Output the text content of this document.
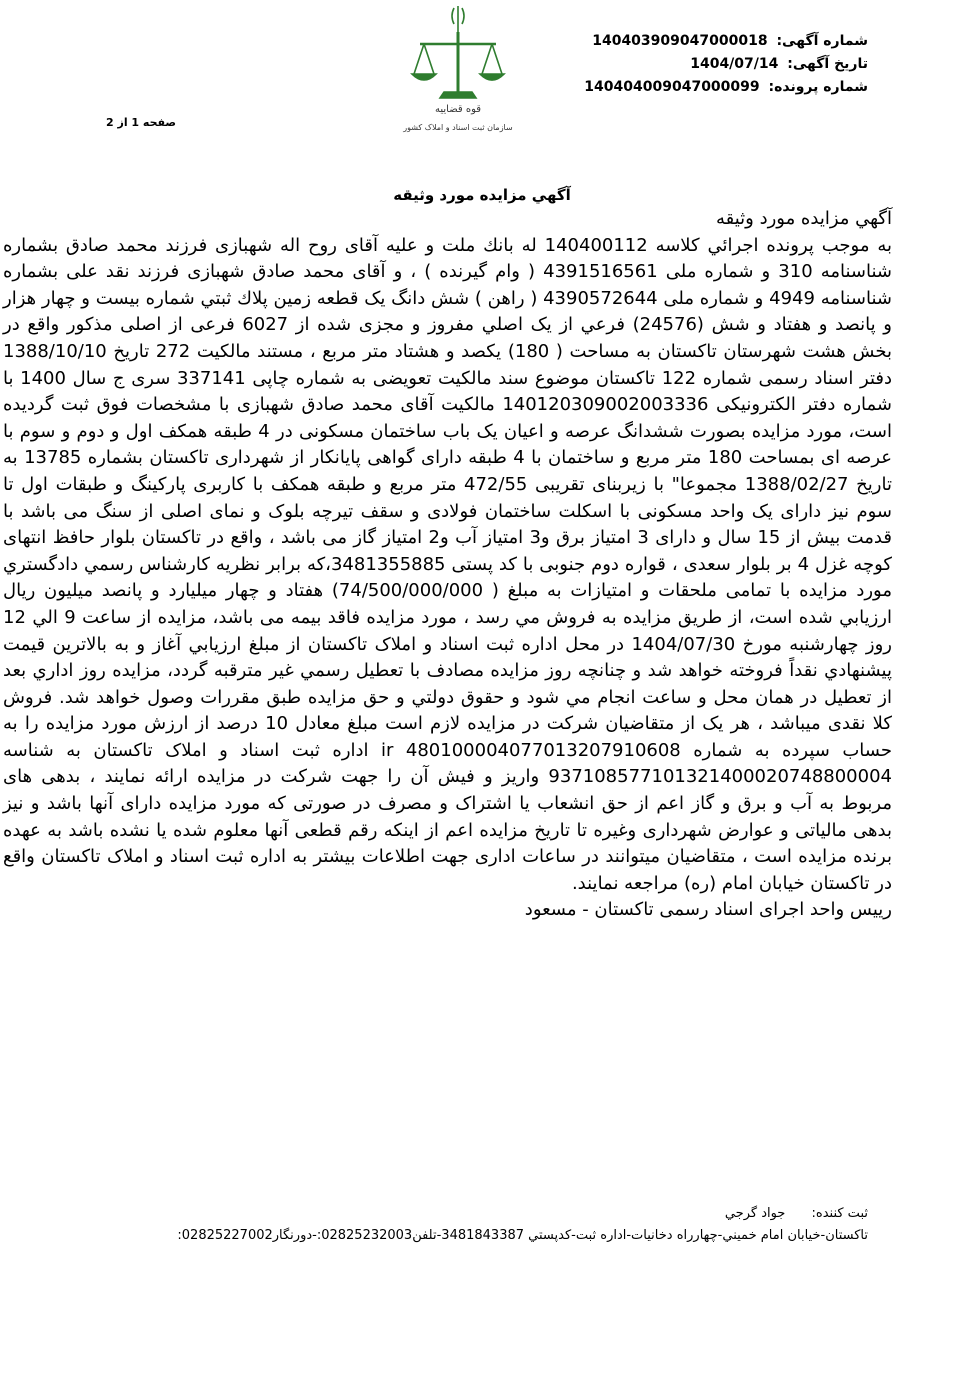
شماره آگهی: 140403909047000018
تاریخ آگهی: 1404/07/14
شماره پرونده: 140404009047000099
قوه قضاییه
سازمان ثبت اسناد و املاک کشور
صفحه 1 از 2
آگهي مزايده مورد وثيقه

آگهي مزايده مورد وثيقه

به موجب پرونده اجرائي كلاسه 140400112 له بانك ملت و عليه آقاى روح اله شهبازى فرزند محمد صادق بشماره شناسنامه 310 و شماره ملى 4391516561 ( وام گيرنده ) ، و آقاى محمد صادق شهبازى فرزند نقد على بشماره شناسنامه 4949 و شماره ملى 4390572644 ( راهن ) شش دانگ يک قطعه زمين پلاك ثبتي شماره بيست و چهار هزار و پانصد و هفتاد و شش (24576) فرعي از يک اصلي مفروز و مجزى شده از 6027 فرعى از اصلى مذكور واقع در بخش هشت شهرستان تاكستان به مساحت ( 180) يكصد و هشتاد متر مربع ، مستند مالكيت 272 تاريخ 1388/10/10 دفتر اسناد رسمى شماره 122 تاكستان موضوع سند مالكيت تعويضى به شماره چاپى 337141 سرى ج سال 1400 با شماره دفتر الكترونيكى 140120309002003336 مالكيت آقاى محمد صادق شهبازى با مشخصات فوق ثبت گرديده است، مورد مزايده بصورت ششدانگ عرصه و اعيان يک باب ساختمان مسكونى در 4 طبقه همكف اول و دوم و سوم با عرصه اى بمساحت 180 متر مربع و ساختمان با 4 طبقه داراى گواهى پايانكار از شهردارى تاكستان بشماره 13785 به تاريخ 1388/02/27 مجموعا" با زيربناى تقريبى 472/55 متر مربع و طبقه همكف با كاربرى پاركينگ و طبقات اول تا سوم نيز داراى يک واحد مسكونى با اسكلت ساختمان فولادى و سقف تيرچه بلوک و نماى اصلى از سنگ مى باشد با قدمت بيش از 15 سال و داراى 3 امتياز برق و3 امتياز آب و2 امتياز گاز مى باشد ، واقع در تاكستان بلوار حافظ انتهاى كوچه غزل 4 بر بلوار سعدى ، قواره دوم جنوبى با كد پستى 3481355885،كه برابر نظريه كارشناس رسمي دادگستري مورد مزايده با تمامى ملحقات و امتيازات به مبلغ ( 74/500/000/000) هفتاد و چهار ميليارد و پانصد ميليون ريال ارزيابي شده است، از طريق مزايده به فروش مي رسد ، مورد مزايده فاقد بيمه مى باشد، مزايده از ساعت 9 الي 12 روز چهارشنبه مورخ 1404/07/30 در محل اداره ثبت اسناد و املاک تاكستان از مبلغ ارزيابي آغاز و به بالاترين قيمت پيشنهادي نقداً فروخته خواهد شد و چنانچه روز مزايده مصادف با تعطيل رسمي غير مترقبه گردد، مزايده روز اداري بعد از تعطيل در همان محل و ساعت انجام مي شود و حقوق دولتي و حق مزايده طبق مقررات وصول خواهد شد. فروش كلا نقدى ميباشد ، هر يک از متقاضيان شركت در مزايده لازم است مبلغ معادل 10 درصد از ارزش مورد مزايده را به حساب سپرده به شماره ir 480100004077013207910608 اداره ثبت اسناد و املاک تاكستان به شناسه 937108577101321400020748800004 واريز و فيش آن را جهت شركت در مزايده ارائه نمايند ، بدهى هاى مربوط به آب و برق و گاز اعم از حق انشعاب يا اشتراک و مصرف در صورتى كه مورد مزايده داراى آنها باشد و نيز بدهى مالياتى و عوارض شهردارى وغيره تا تاريخ مزايده اعم از اينكه رقم قطعى آنها معلوم شده يا نشده باشد به عهده برنده مزايده است ، متقاضيان ميتوانند در ساعات ادارى جهت اطلاعات بيشتر به اداره ثبت اسناد و املاک تاكستان واقع در تاكستان خيابان امام (ره) مراجعه نمايند.

رييس واحد اجراى اسناد رسمى تاكستان - مسعود

ثبت كننده: جواد گرجي
تاكستان-خيابان امام خميني-چهارراه دخانيات-اداره ثبت-كدپستي 3481843387-تلفن02825232003:-دورنگار02825227002:
